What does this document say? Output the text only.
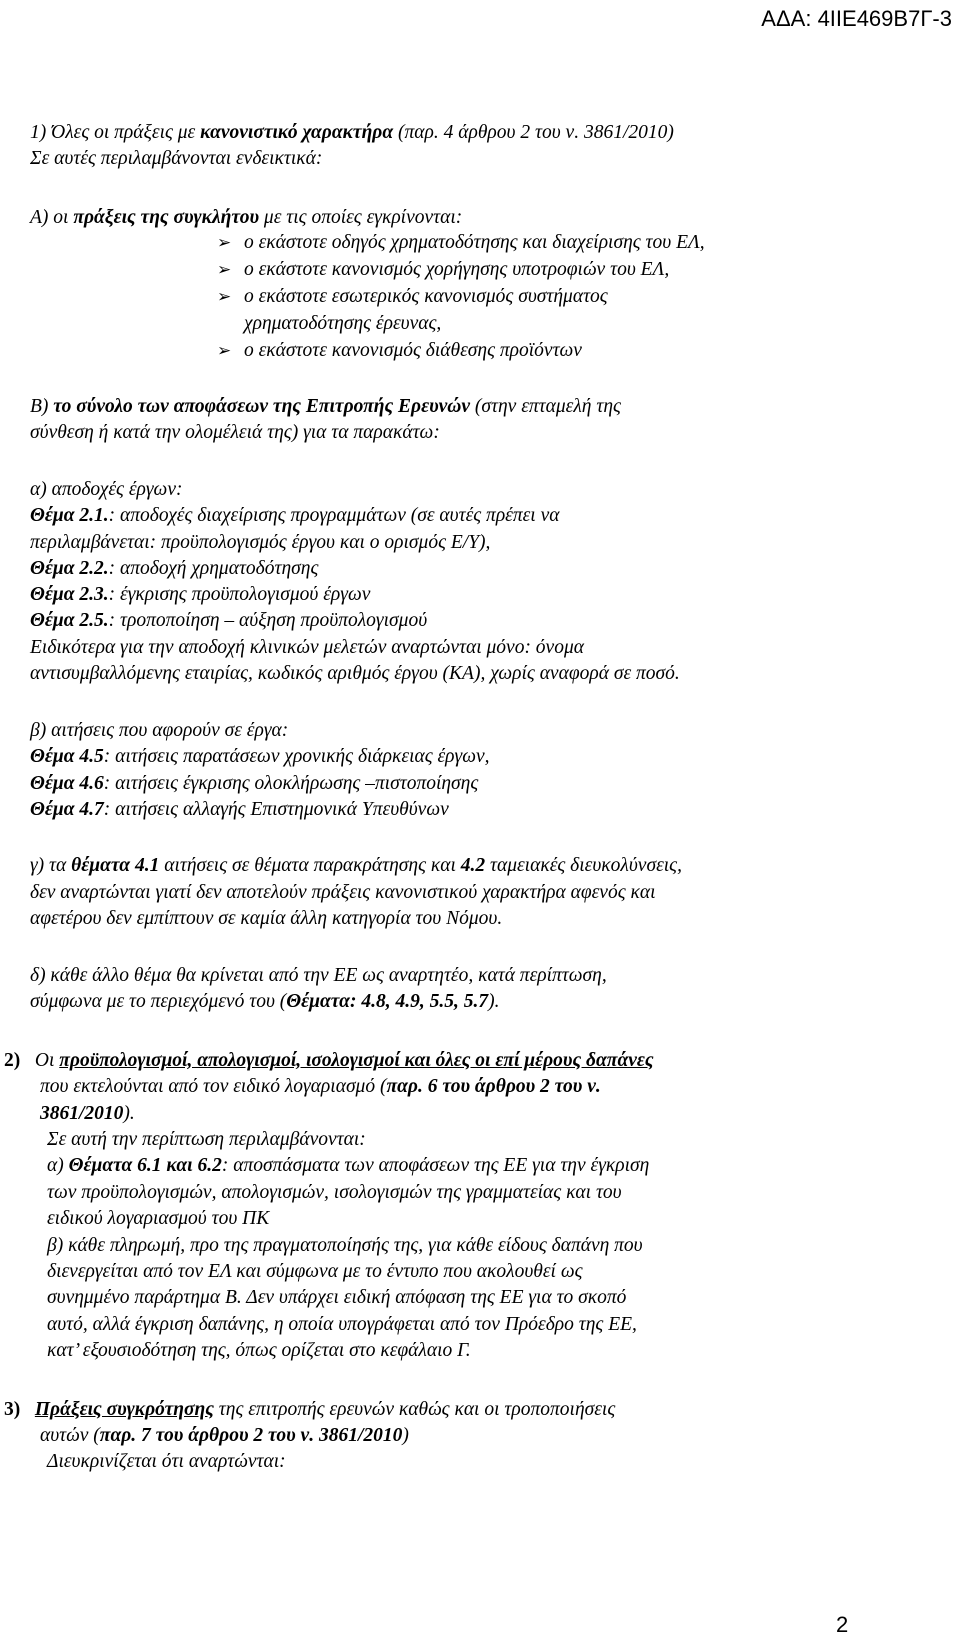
ΑΔΑ: 4ΙΙΕ469Β7Γ-3
1) Όλες οι πράξεις με κανονιστικό χαρακτήρα (παρ. 4 άρθρου 2 του ν. 3861/2010)
Σε αυτές περιλαμβάνονται ενδεικτικά:
Α) οι πράξεις της συγκλήτου με τις οποίες εγκρίνονται:
➢ ο εκάστοτε οδηγός χρηματοδότησης και διαχείρισης του ΕΛ,
➢ ο εκάστοτε κανονισμός χορήγησης υποτροφιών του ΕΛ,
➢ ο εκάστοτε εσωτερικός κανονισμός συστήματος
χρηματοδότησης έρευνας,
➢ ο εκάστοτε κανονισμός διάθεσης προϊόντων
Β) το σύνολο των αποφάσεων της Επιτροπής Ερευνών (στην επταμελή της
σύνθεση ή κατά την ολομέλειά της) για τα παρακάτω:
α) αποδοχές έργων:
Θέμα 2.1.: αποδοχές διαχείρισης προγραμμάτων (σε αυτές πρέπει να
περιλαμβάνεται: προϋπολογισμός έργου και ο ορισμός Ε/Υ),
Θέμα 2.2.: αποδοχή χρηματοδότησης
Θέμα 2.3.: έγκρισης προϋπολογισμού έργων
Θέμα 2.5.: τροποποίηση – αύξηση προϋπολογισμού
Ειδικότερα για την αποδοχή κλινικών μελετών αναρτώνται μόνο: όνομα
αντισυμβαλλόμενης εταιρίας, κωδικός αριθμός έργου (ΚΑ), χωρίς αναφορά σε ποσό.
β) αιτήσεις που αφορούν σε έργα:
Θέμα 4.5: αιτήσεις παρατάσεων χρονικής διάρκειας έργων,
Θέμα 4.6: αιτήσεις έγκρισης ολοκλήρωσης –πιστοποίησης
Θέμα 4.7: αιτήσεις αλλαγής Επιστημονικά Υπευθύνων
γ) τα θέματα 4.1 αιτήσεις σε θέματα παρακράτησης και 4.2 ταμειακές διευκολύνσεις,
δεν αναρτώνται γιατί δεν αποτελούν πράξεις κανονιστικού χαρακτήρα αφενός και
αφετέρου δεν εμπίπτουν σε καμία άλλη κατηγορία του Νόμου.
δ) κάθε άλλο θέμα θα κρίνεται από την ΕΕ ως αναρτητέο, κατά περίπτωση,
σύμφωνα με το περιεχόμενό του (Θέματα: 4.8, 4.9, 5.5, 5.7).
2) Οι προϋπολογισμοί, απολογισμοί, ισολογισμοί και όλες οι επί μέρους δαπάνες
που εκτελούνται από τον ειδικό λογαριασμό (παρ. 6 του άρθρου 2 του ν.
3861/2010).
Σε αυτή την περίπτωση περιλαμβάνονται:
α) Θέματα 6.1 και 6.2: αποσπάσματα των αποφάσεων της ΕΕ για την έγκριση
των προϋπολογισμών, απολογισμών, ισολογισμών της γραμματείας και του
ειδικού λογαριασμού του ΠΚ
β) κάθε πληρωμή, προ της πραγματοποίησής της, για κάθε είδους δαπάνη που
διενεργείται από τον ΕΛ και σύμφωνα με το έντυπο που ακολουθεί ως
συνημμένο παράρτημα Β. Δεν υπάρχει ειδική απόφαση της ΕΕ για το σκοπό
αυτό, αλλά έγκριση δαπάνης, η οποία υπογράφεται από τον Πρόεδρο της ΕΕ,
κατ’ εξουσιοδότηση της, όπως ορίζεται στο κεφάλαιο Γ.
3) Πράξεις συγκρότησης της επιτροπής ερευνών καθώς και οι τροποποιήσεις
αυτών (παρ. 7 του άρθρου 2 του ν. 3861/2010)
Διευκρινίζεται ότι αναρτώνται:
2
